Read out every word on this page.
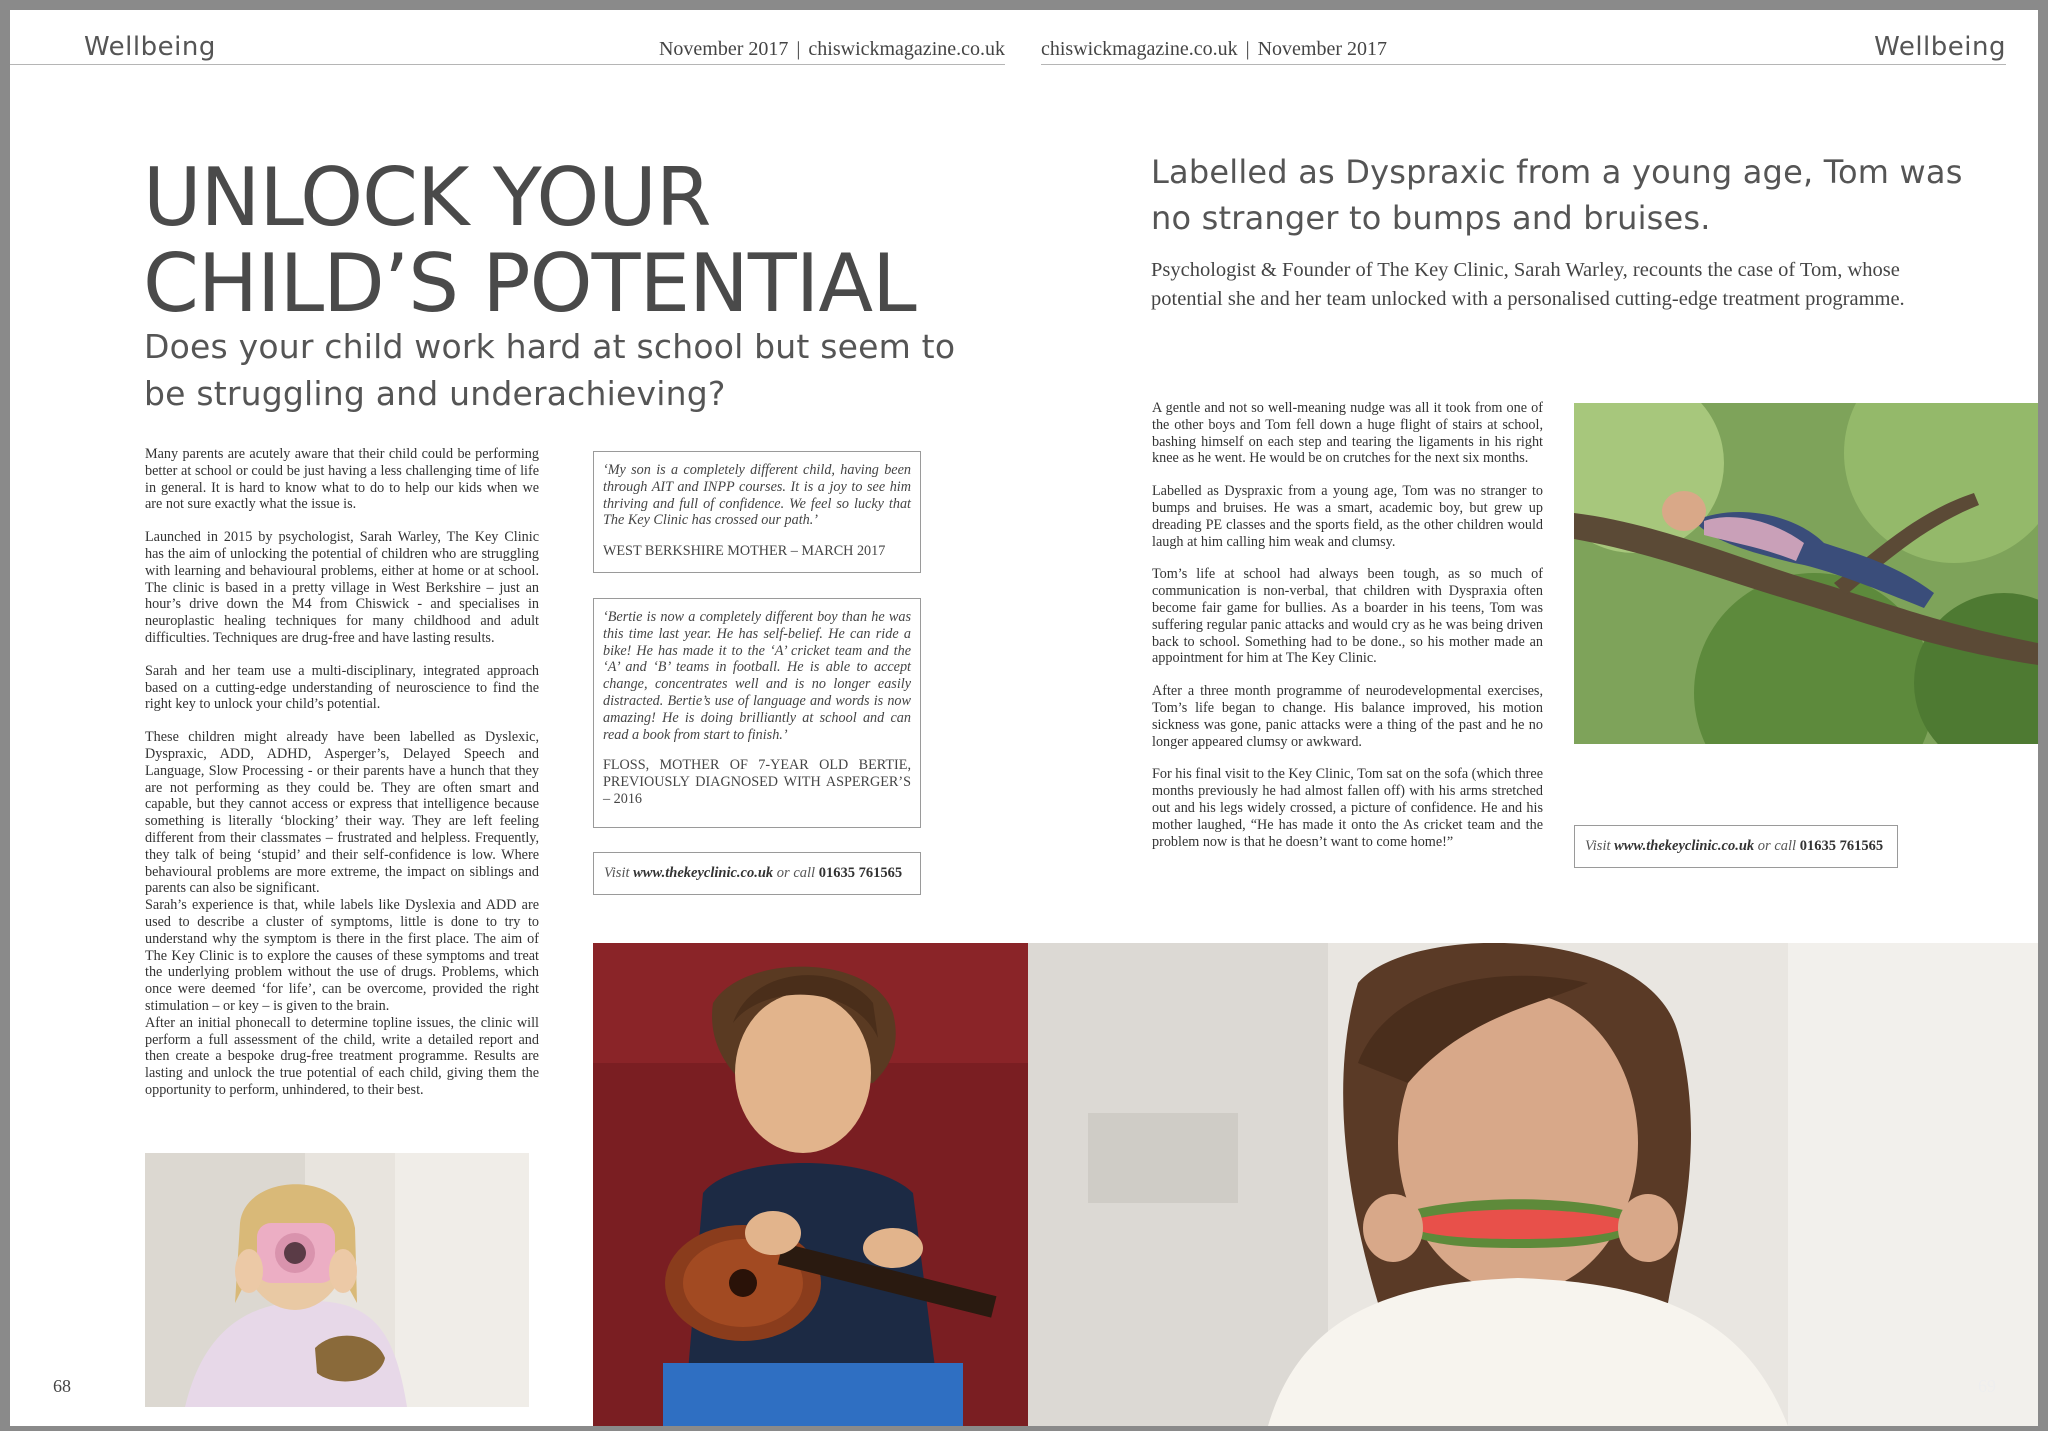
Wellbeing	November 2017 | chiswickmagazine.co.uk
UNLOCK YOUR
CHILD’S POTENTIAL
Does your child work hard at school but seem to
be struggling and underachieving?

Many parents are acutely aware that their child could be performing better at school or could be just having a less challenging time of life in general. It is hard to know what to do to help our kids when we are not sure exactly what the issue is.

Launched in 2015 by psychologist, Sarah Warley, The Key Clinic has the aim of unlocking the potential of children who are struggling with learning and behavioural problems, either at home or at school. The clinic is based in a pretty village in West Berkshire – just an hour’s drive down the M4 from Chiswick - and specialises in neuroplastic healing techniques for many childhood and adult difficulties. Techniques are drug-free and have lasting results.

Sarah and her team use a multi-disciplinary, integrated approach based on a cutting-edge understanding of neuroscience to find the right key to unlock your child’s potential.

These children might already have been labelled as Dyslexic, Dyspraxic, ADD, ADHD, Asperger’s, Delayed Speech and Language, Slow Processing - or their parents have a hunch that they are not performing as they could be. They are often smart and capable, but they cannot access or express that intelligence because something is literally ‘blocking’ their way. They are left feeling different from their classmates – frustrated and helpless. Frequently, they talk of being ‘stupid’ and their self-confidence is low. Where behavioural problems are more extreme, the impact on siblings and parents can also be significant.

Sarah’s experience is that, while labels like Dyslexia and ADD are used to describe a cluster of symptoms, little is done to try to understand why the symptom is there in the first place. The aim of The Key Clinic is to explore the causes of these symptoms and treat the underlying problem without the use of drugs. Problems, which once were deemed ‘for life’, can be overcome, provided the right stimulation – or key – is given to the brain.

After an initial phonecall to determine topline issues, the clinic will perform a full assessment of the child, write a detailed report and then create a bespoke drug-free treatment programme. Results are lasting and unlock the true potential of each child, giving them the opportunity to perform, unhindered, to their best.

‘My son is a completely different child, having been through AIT and INPP courses. It is a joy to see him thriving and full of confidence. We feel so lucky that The Key Clinic has crossed our path.’

WEST BERKSHIRE MOTHER – MARCH 2017

‘Bertie is now a completely different boy than he was this time last year. He has self-belief. He can ride a bike! He has made it to the ‘A’ cricket team and the ‘A’ and ‘B’ teams in football. He is able to accept change, concentrates well and is no longer easily distracted. Bertie’s use of language and words is now amazing! He is doing brilliantly at school and can read a book from start to finish.’

FLOSS, MOTHER OF 7-YEAR OLD BERTIE, PREVIOUSLY DIAGNOSED WITH ASPERGER’S – 2016

Visit www.thekeyclinic.co.uk or call 01635 761565
68
chiswickmagazine.co.uk | November 2017	Wellbeing
Labelled as Dyspraxic from a young age, Tom was
no stranger to bumps and bruises.

Psychologist & Founder of The Key Clinic, Sarah Warley, recounts the case of Tom, whose potential she and her team unlocked with a personalised cutting-edge treatment programme.

A gentle and not so well-meaning nudge was all it took from one of the other boys and Tom fell down a huge flight of stairs at school, bashing himself on each step and tearing the ligaments in his right knee as he went. He would be on crutches for the next six months.

Labelled as Dyspraxic from a young age, Tom was no stranger to bumps and bruises. He was a smart, academic boy, but grew up dreading PE classes and the sports field, as the other children would laugh at him calling him weak and clumsy.

Tom’s life at school had always been tough, as so much of communication is non-verbal, that children with Dyspraxia often become fair game for bullies. As a boarder in his teens, Tom was suffering regular panic attacks and would cry as he was being driven back to school. Something had to be done., so his mother made an appointment for him at The Key Clinic.

After a three month programme of neurodevelopmental exercises, Tom’s life began to change. His balance improved, his motion sickness was gone, panic attacks were a thing of the past and he no longer appeared clumsy or awkward.

For his final visit to the Key Clinic, Tom sat on the sofa (which three months previously he had almost fallen off) with his arms stretched out and his legs widely crossed, a picture of confidence. He and his mother laughed, “He has made it onto the As cricket team and the problem now is that he doesn’t want to come home!”	Visit www.thekeyclinic.co.uk or call 01635 761565
69
